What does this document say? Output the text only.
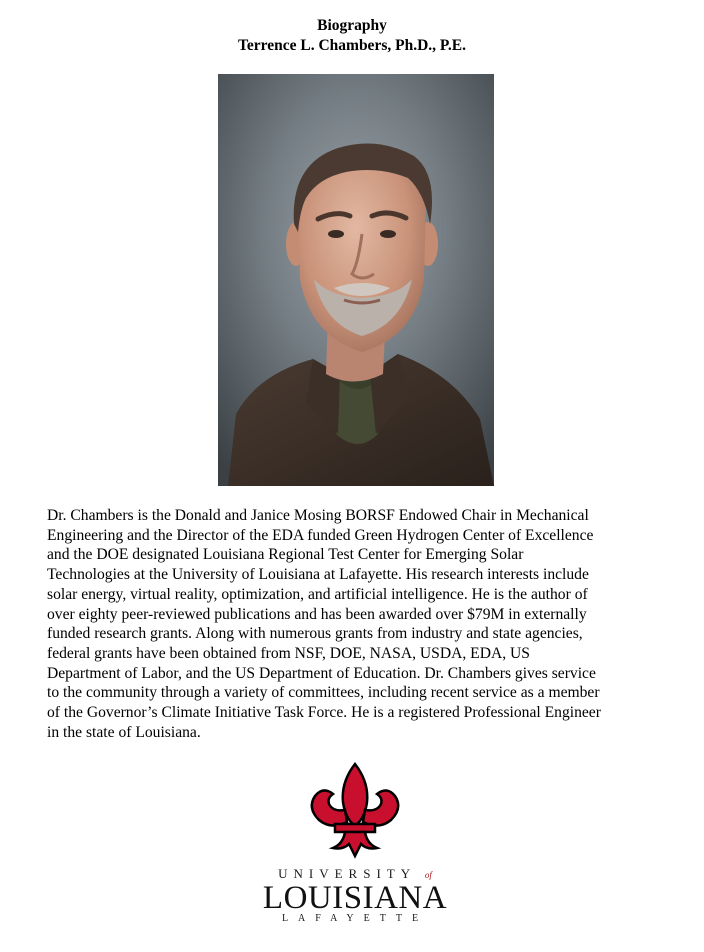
Biography
Terrence L. Chambers, Ph.D., P.E.
Dr. Chambers is the Donald and Janice Mosing BORSF Endowed Chair in Mechanical
Engineering and the Director of the EDA funded Green Hydrogen Center of Excellence
and the DOE designated Louisiana Regional Test Center for Emerging Solar
Technologies at the University of Louisiana at Lafayette. His research interests include
solar energy, virtual reality, optimization, and artificial intelligence. He is the author of
over eighty peer-reviewed publications and has been awarded over $79M in externally
funded research grants. Along with numerous grants from industry and state agencies,
federal grants have been obtained from NSF, DOE, NASA, USDA, EDA, US
Department of Labor, and the US Department of Education. Dr. Chambers gives service
to the community through a variety of committees, including recent service as a member
of the Governor’s Climate Initiative Task Force. He is a registered Professional Engineer
in the state of Louisiana.
UNIVERSITY of
LOUISIANA
LAFAYETTE
